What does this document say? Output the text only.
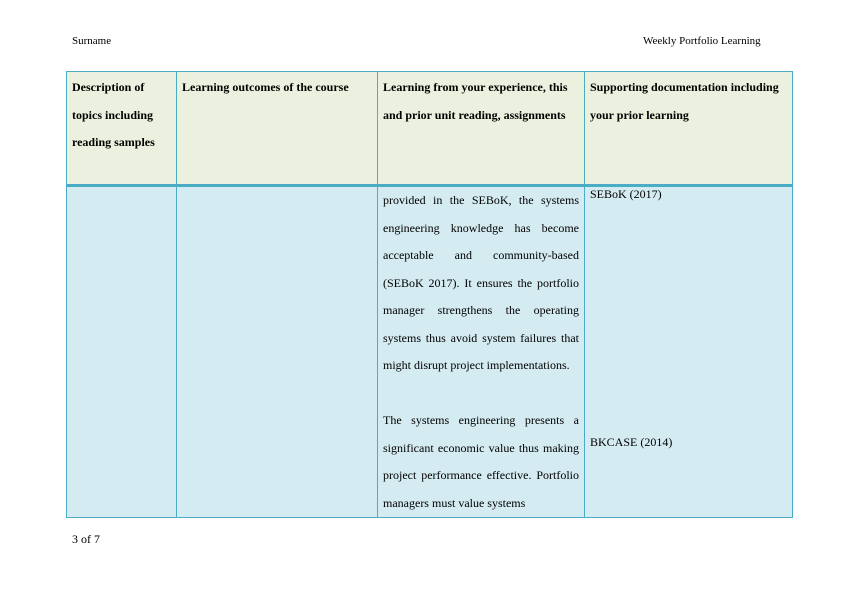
Surname	Weekly Portfolio Learning
Description of topics including reading samples
Learning outcomes of the course	Learning from your experience, this and prior unit reading, assignments

provided in the SEBoK, the systems engineering knowledge has become acceptable and community-based (SEBoK 2017). It ensures the portfolio manager strengthens the operating systems thus avoid system failures that might disrupt project implementations.

The systems engineering presents a significant economic value thus making project performance effective. Portfolio managers must value systems

Supporting documentation including your prior learning
SEBoK (2017)
BKCASE (2014)
3 of 7
